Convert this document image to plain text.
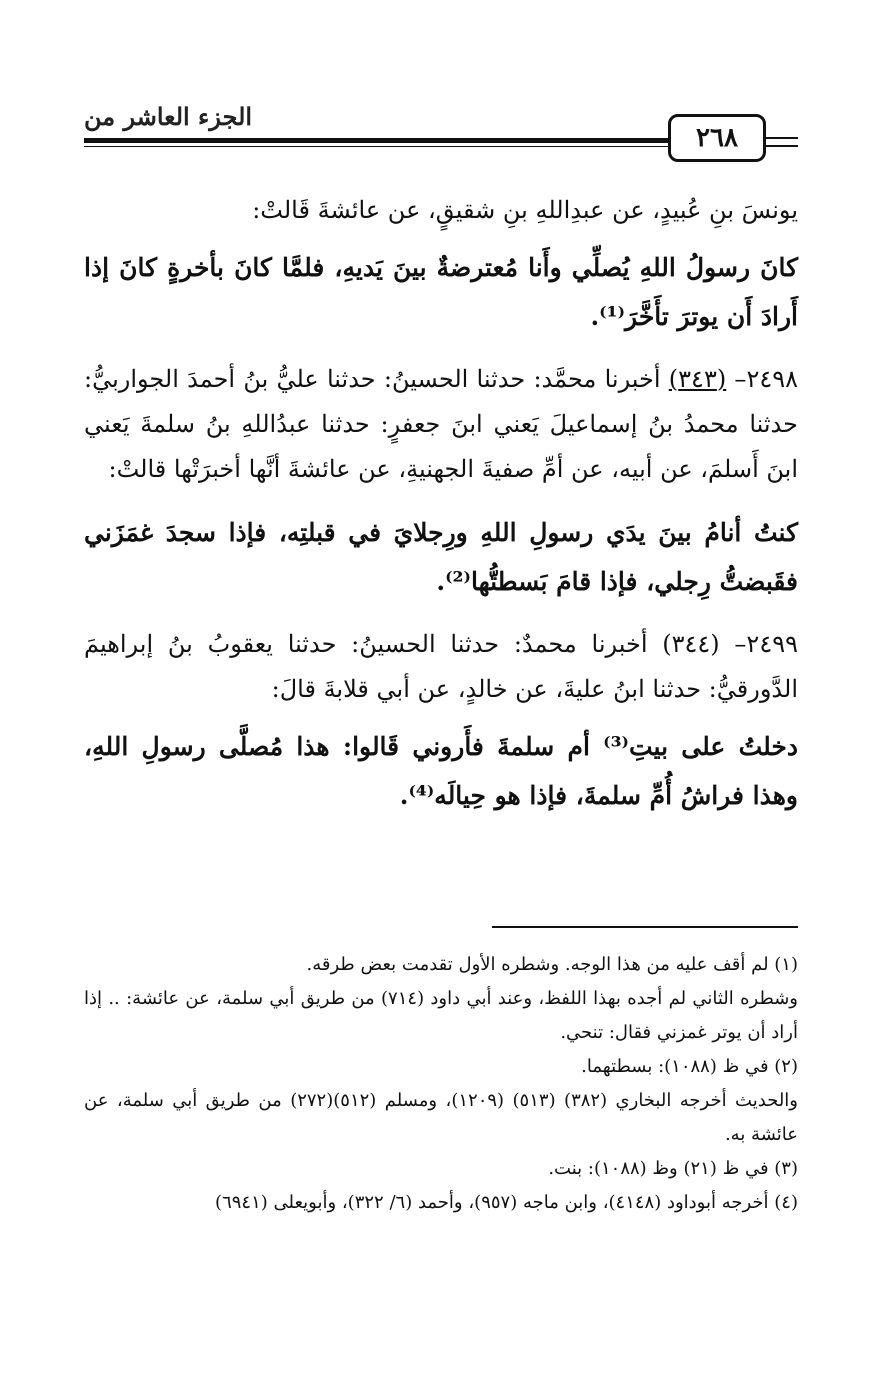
الجزء العاشر من
٢٦٨

يونسَ بنِ عُبيدٍ، عن عبدِاللهِ بنِ شقيقٍ، عن عائشةَ قَالتْ:

كانَ رسولُ اللهِ يُصلِّي وأَنا مُعترضةٌ بينَ يَديهِ، فلمَّا كانَ بأخرةٍ كانَ إذا أَرادَ أَن يوترَ تأَخَّرَ⁽¹⁾.

٢٤٩٨– (٣٤٣) أخبرنا محمَّد: حدثنا الحسينُ: حدثنا عليُّ بنُ أحمدَ الجواربيُّ: حدثنا محمدُ بنُ إسماعيلَ يَعني ابنَ جعفرٍ: حدثنا عبدُاللهِ بنُ سلمةَ يَعني ابنَ أَسلمَ، عن أبيه، عن أمِّ صفيةَ الجهنيةِ، عن عائشةَ أنَّها أخبرَتْها قالتْ:

كنتُ أنامُ بينَ يدَي رسولِ اللهِ ورِجلايَ في قبلتِه، فإذا سجدَ غمَزَني فقَبضتُّ رِجلي، فإذا قامَ بَسطتُّها⁽²⁾.

٢٤٩٩– (٣٤٤) أخبرنا محمدٌ: حدثنا الحسينُ: حدثنا يعقوبُ بنُ إبراهيمَ الدَّورقيُّ: حدثنا ابنُ عليةَ، عن خالدٍ، عن أبي قلابةَ قالَ:

دخلتُ على بيتِ⁽³⁾ أم سلمةَ فأَروني قَالوا: هذا مُصلَّى رسولِ اللهِ، وهذا فراشُ أُمِّ سلمةَ، فإذا هو حِيالَه⁽⁴⁾.

(١) لم أقف عليه من هذا الوجه. وشطره الأول تقدمت بعض طرقه.

وشطره الثاني لم أجده بهذا اللفظ، وعند أبي داود (٧١٤) من طريق أبي سلمة، عن عائشة: .. إذا أراد أن يوتر غمزني فقال: تنحي.

(٢) في ظ (١٠٨٨): بسطتهما.

والحديث أخرجه البخاري (٣٨٢) (٥١٣) (١٢٠٩)، ومسلم (٥١٢)(٢٧٢) من طريق أبي سلمة، عن عائشة به.

(٣) في ظ (٢١) وظ (١٠٨٨): بنت.

(٤) أخرجه أبوداود (٤١٤٨)، وابن ماجه (٩٥٧)، وأحمد (٦/ ٣٢٢)، وأبويعلى (٦٩٤١)
